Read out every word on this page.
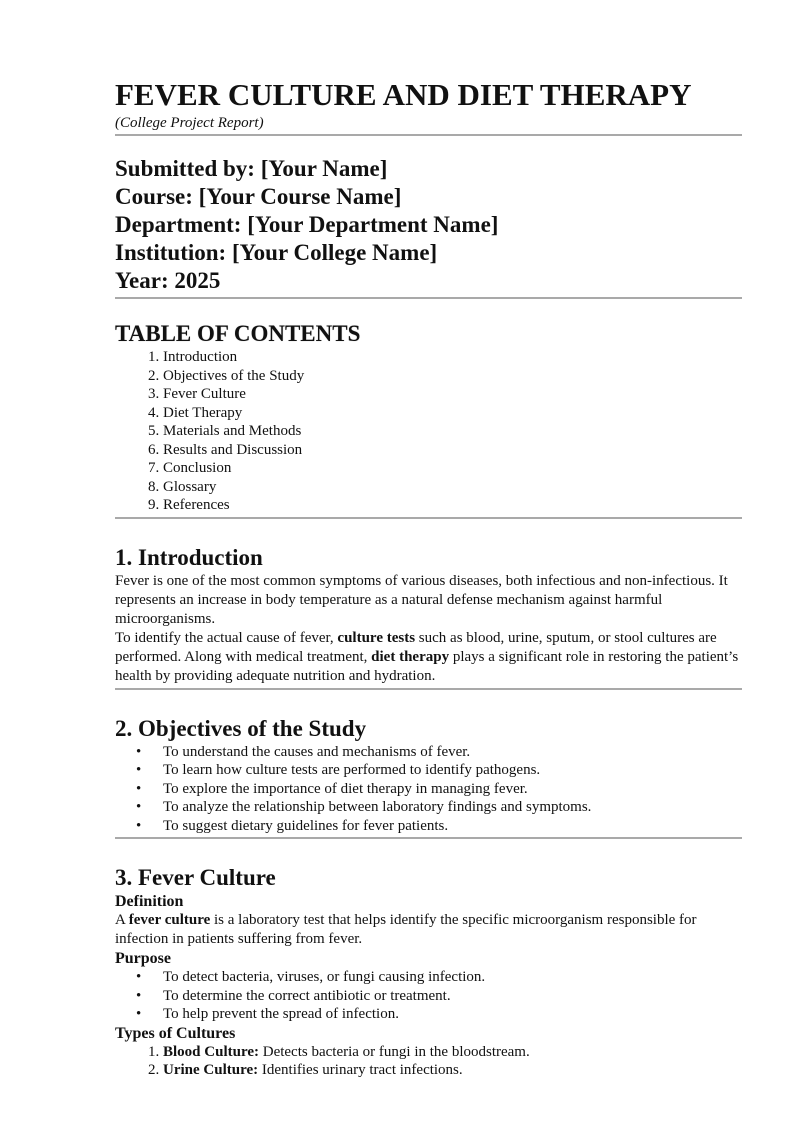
FEVER CULTURE AND DIET THERAPY
(College Project Report)
Submitted by: [Your Name]
Course: [Your Course Name]
Department: [Your Department Name]
Institution: [Your College Name]
Year: 2025
TABLE OF CONTENTS
1. Introduction
2. Objectives of the Study
3. Fever Culture
4. Diet Therapy
5. Materials and Methods
6. Results and Discussion
7. Conclusion
8. Glossary
9. References
1. Introduction

Fever is one of the most common symptoms of various diseases, both infectious and non-infectious. It represents an increase in body temperature as a natural defense mechanism against harmful microorganisms.

To identify the actual cause of fever, culture tests such as blood, urine, sputum, or stool cultures are performed. Along with medical treatment, diet therapy plays a significant role in restoring the patient’s health by providing adequate nutrition and hydration.

2. Objectives of the Study
• To understand the causes and mechanisms of fever.
• To learn how culture tests are performed to identify pathogens.
• To explore the importance of diet therapy in managing fever.
• To analyze the relationship between laboratory findings and symptoms.
• To suggest dietary guidelines for fever patients.
3. Fever Culture
Definition

A fever culture is a laboratory test that helps identify the specific microorganism responsible for infection in patients suffering from fever.

Purpose
• To detect bacteria, viruses, or fungi causing infection.
• To determine the correct antibiotic or treatment.
• To help prevent the spread of infection.
Types of Cultures
1. Blood Culture: Detects bacteria or fungi in the bloodstream.
2. Urine Culture: Identifies urinary tract infections.
